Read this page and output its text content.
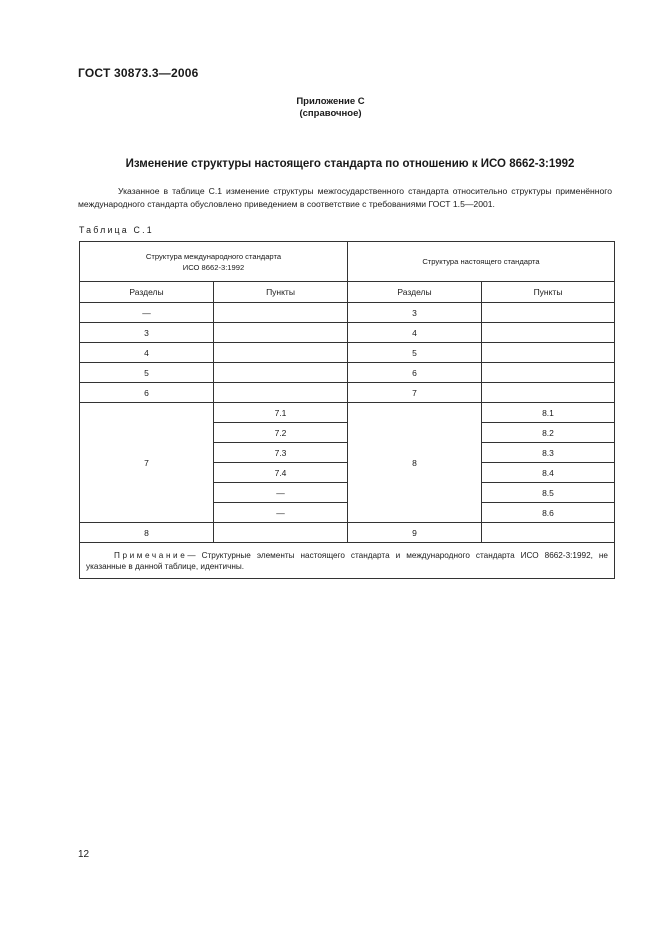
ГОСТ 30873.3—2006
Приложение С
(справочное)
Изменение структуры настоящего стандарта по отношению к ИСО 8662-3:1992
Указанное в таблице С.1 изменение структуры межгосударственного стандарта относительно структуры применённого международного стандарта обусловлено приведением в соответствие с требованиями ГОСТ 1.5—2001.
Таблица С.1
Структура международного стандарта
ИСО 8662-3:1992		Структура настоящего стандарта	
Разделы	Пункты	Разделы	Пункты
—		3	
3		4	
4		5	
5		6	
6		7	
7	7.1	8	8.1
	7.2		8.2
	7.3		8.3
	7.4		8.4
	—		8.5
	—		8.6
8		9	
Примечание— Структурные элементы настоящего стандарта и международного стандарта ИСО 8662-3:1992, не указанные в данной таблице, идентичны.			
12
